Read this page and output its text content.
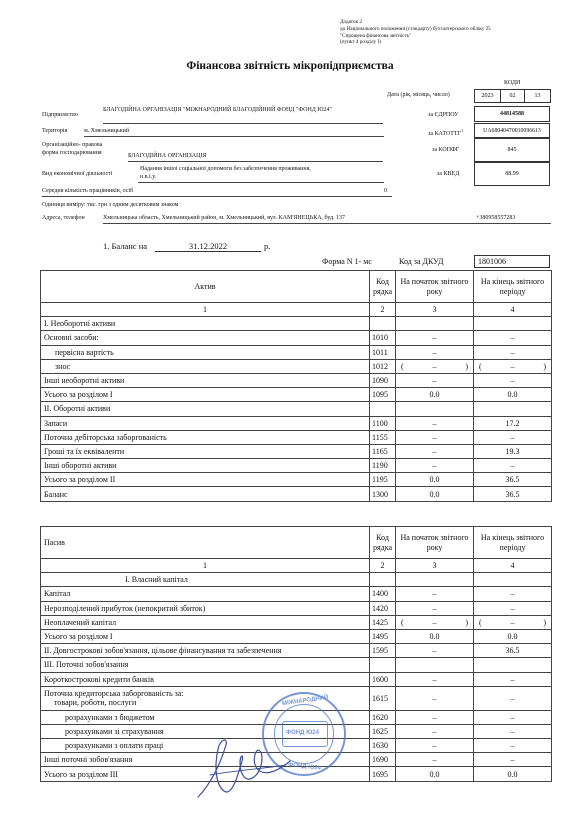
Додаток 2
до Національного положення (стандарту) бухгалтерського обліку 25
"Спрощена фінансова звітність"
(пункт 4 розділу I)
Фінансова звітність мікропідприємства
КОДИ
Дата (рік, місяць, число)	2023	02	13
Підприємство
БЛАГОДІЙНА ОРГАНІЗАЦІЯ "МІЖНАРОДНИЙ БЛАГОДІЙНИЙ ФОНД "ФОНД Ю24"
за ЄДРПОУ	44814588
Територія	м. Хмельницький	за КАТОТТГ$^1$	UA68040470010096613
Організаційно- правова
форма господарювання	БЛАГОДІЙНА ОРГАНІЗАЦІЯ
за КОПФГ	845
Вид економічної діяльності
Надання іншої соціальної допомоги без забезпечення проживання,
н.в.і.у.	за КВЕД	88.99
Середня кількість працівників, осіб	0
Одиниця виміру: тис. грн з одним десятковим знаком
Адреса, телефон	Хмельницька область, Хмельницький район, м. Хмельницький, вул. КАМ'ЯНЕЦЬКА, буд. 137	+380958557283
1. Баланс на	31.12.2022	р.
Форма N 1- мс	Код за ДКУД	1801006
Актив	Код рядка	На початок звітного року	На кінець звітного періоду
1	2	3	4
I. Необоротні активи			
Основні засоби:	1010	–	–
первісна вартість	1011	–	–
знос	1012	( – )	( – )

Інші необоротні активи	1090	–	–
Усього за розділом I	1095	0.0	0.0
II. Оборотні активи			
Запаси	1100	–	17.2
Поточна дебіторська заборгованість	1155	–	–
Гроші та їх еквіваленти	1165	–	19.3
Інші оборотні активи	1190	–	–
Усього за розділом II	1195	0.0	36.5
Баланс	1300	0.0	36.5
Пасив	Код рядка	На початок звітного року	На кінець звітного періоду
1	2	3	4
I. Власний капітал			
Капітал	1400	–	–
Нерозподілений прибуток (непокритий збиток)	1420	–	–
Неоплачений капітал	1425	( – )	( – )

Усього за розділом I	1495	0.0	0.0
II. Довгострокові зобов'язання, цільове фінансування та забезпечення	1595	–	36.5
III. Поточні зобов'язання			
Короткострокові кредити банків	1600	–	–

Поточна кредиторська заборгованість за:
товари, роботи, послуги	1615	–	–
розрахунками з бюджетом	1620	–	–
розрахунками зі страхування	1625	–	–
розрахунками з оплати праці	1630	–	–
Інші поточні зобов'язання	1690	–	–
Усього за розділом III	1695	0.0	0.0
МІЖНАРОДНИЙ
ФОНД Ю24
ФОНД Ю24
